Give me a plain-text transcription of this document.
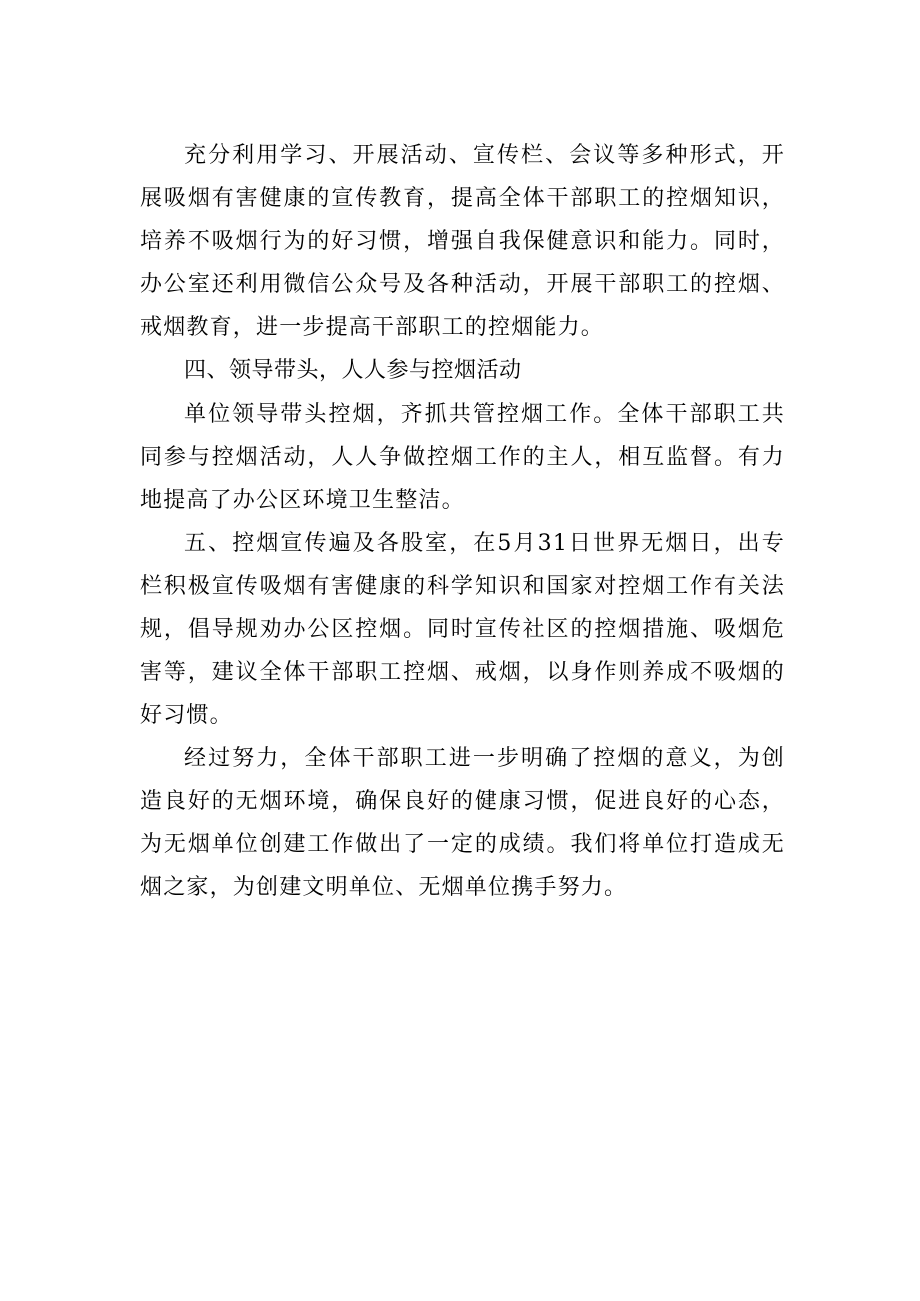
充分利用学习、开展活动、宣传栏、会议等多种形式，开展吸烟有害健康的宣传教育，提高全体干部职工的控烟知识，培养不吸烟行为的好习惯，增强自我保健意识和能力。同时，办公室还利用微信公众号及各种活动，开展干部职工的控烟、戒烟教育，进一步提高干部职工的控烟能力。

四、领导带头，人人参与控烟活动

单位领导带头控烟，齐抓共管控烟工作。全体干部职工共同参与控烟活动，人人争做控烟工作的主人，相互监督。有力地提高了办公区环境卫生整洁。

五、控烟宣传遍及各股室，在5月31日世界无烟日，出专栏积极宣传吸烟有害健康的科学知识和国家对控烟工作有关法规，倡导规劝办公区控烟。同时宣传社区的控烟措施、吸烟危害等，建议全体干部职工控烟、戒烟，以身作则养成不吸烟的好习惯。

经过努力，全体干部职工进一步明确了控烟的意义，为创造良好的无烟环境，确保良好的健康习惯，促进良好的心态，为无烟单位创建工作做出了一定的成绩。我们将单位打造成无烟之家，为创建文明单位、无烟单位携手努力。
